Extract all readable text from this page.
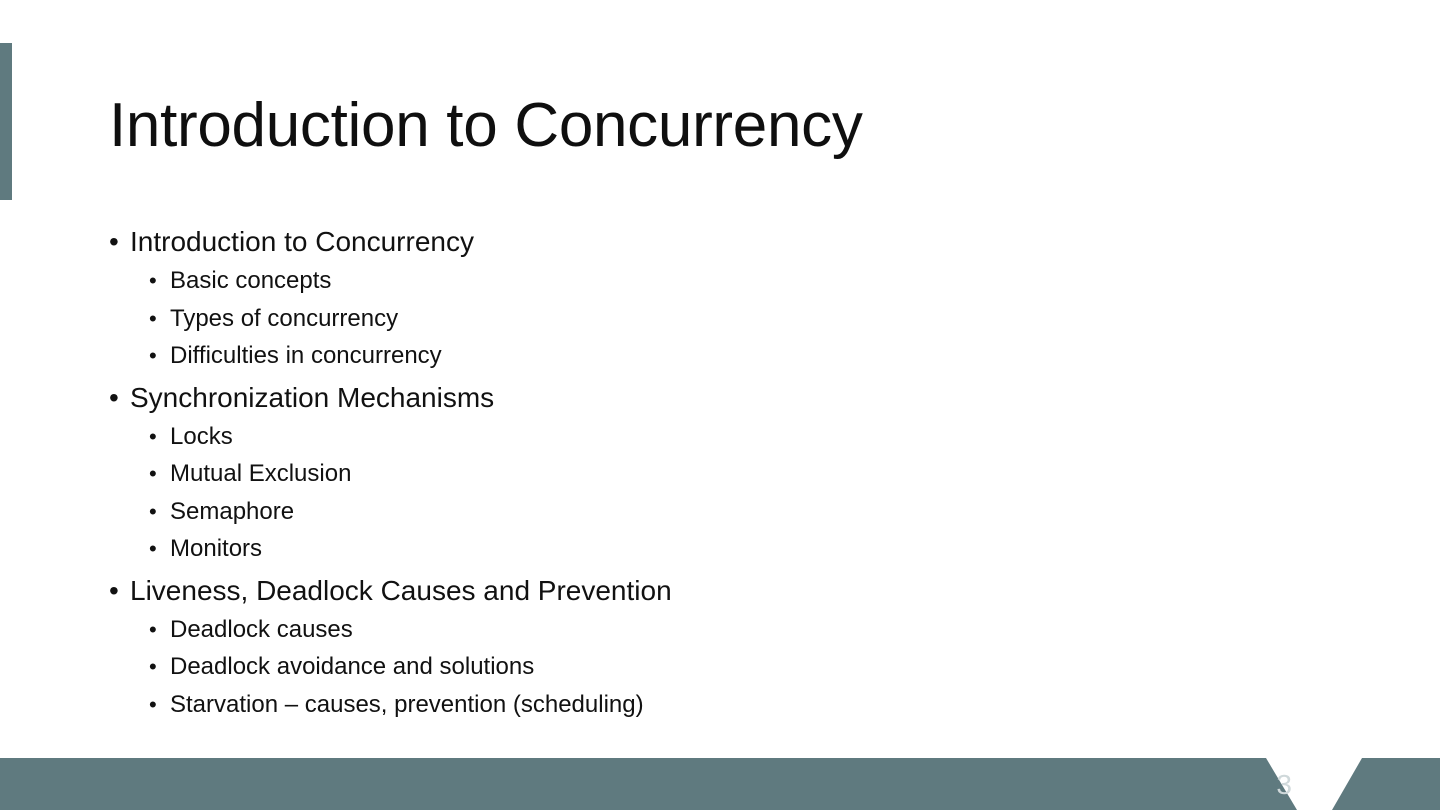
Introduction to Concurrency
• Introduction to Concurrency
• Basic concepts
• Types of concurrency
• Difficulties in concurrency
• Synchronization Mechanisms
• Locks
• Mutual Exclusion
• Semaphore
• Monitors
• Liveness, Deadlock Causes and Prevention
• Deadlock causes
• Deadlock avoidance and solutions
• Starvation – causes, prevention (scheduling)
3
